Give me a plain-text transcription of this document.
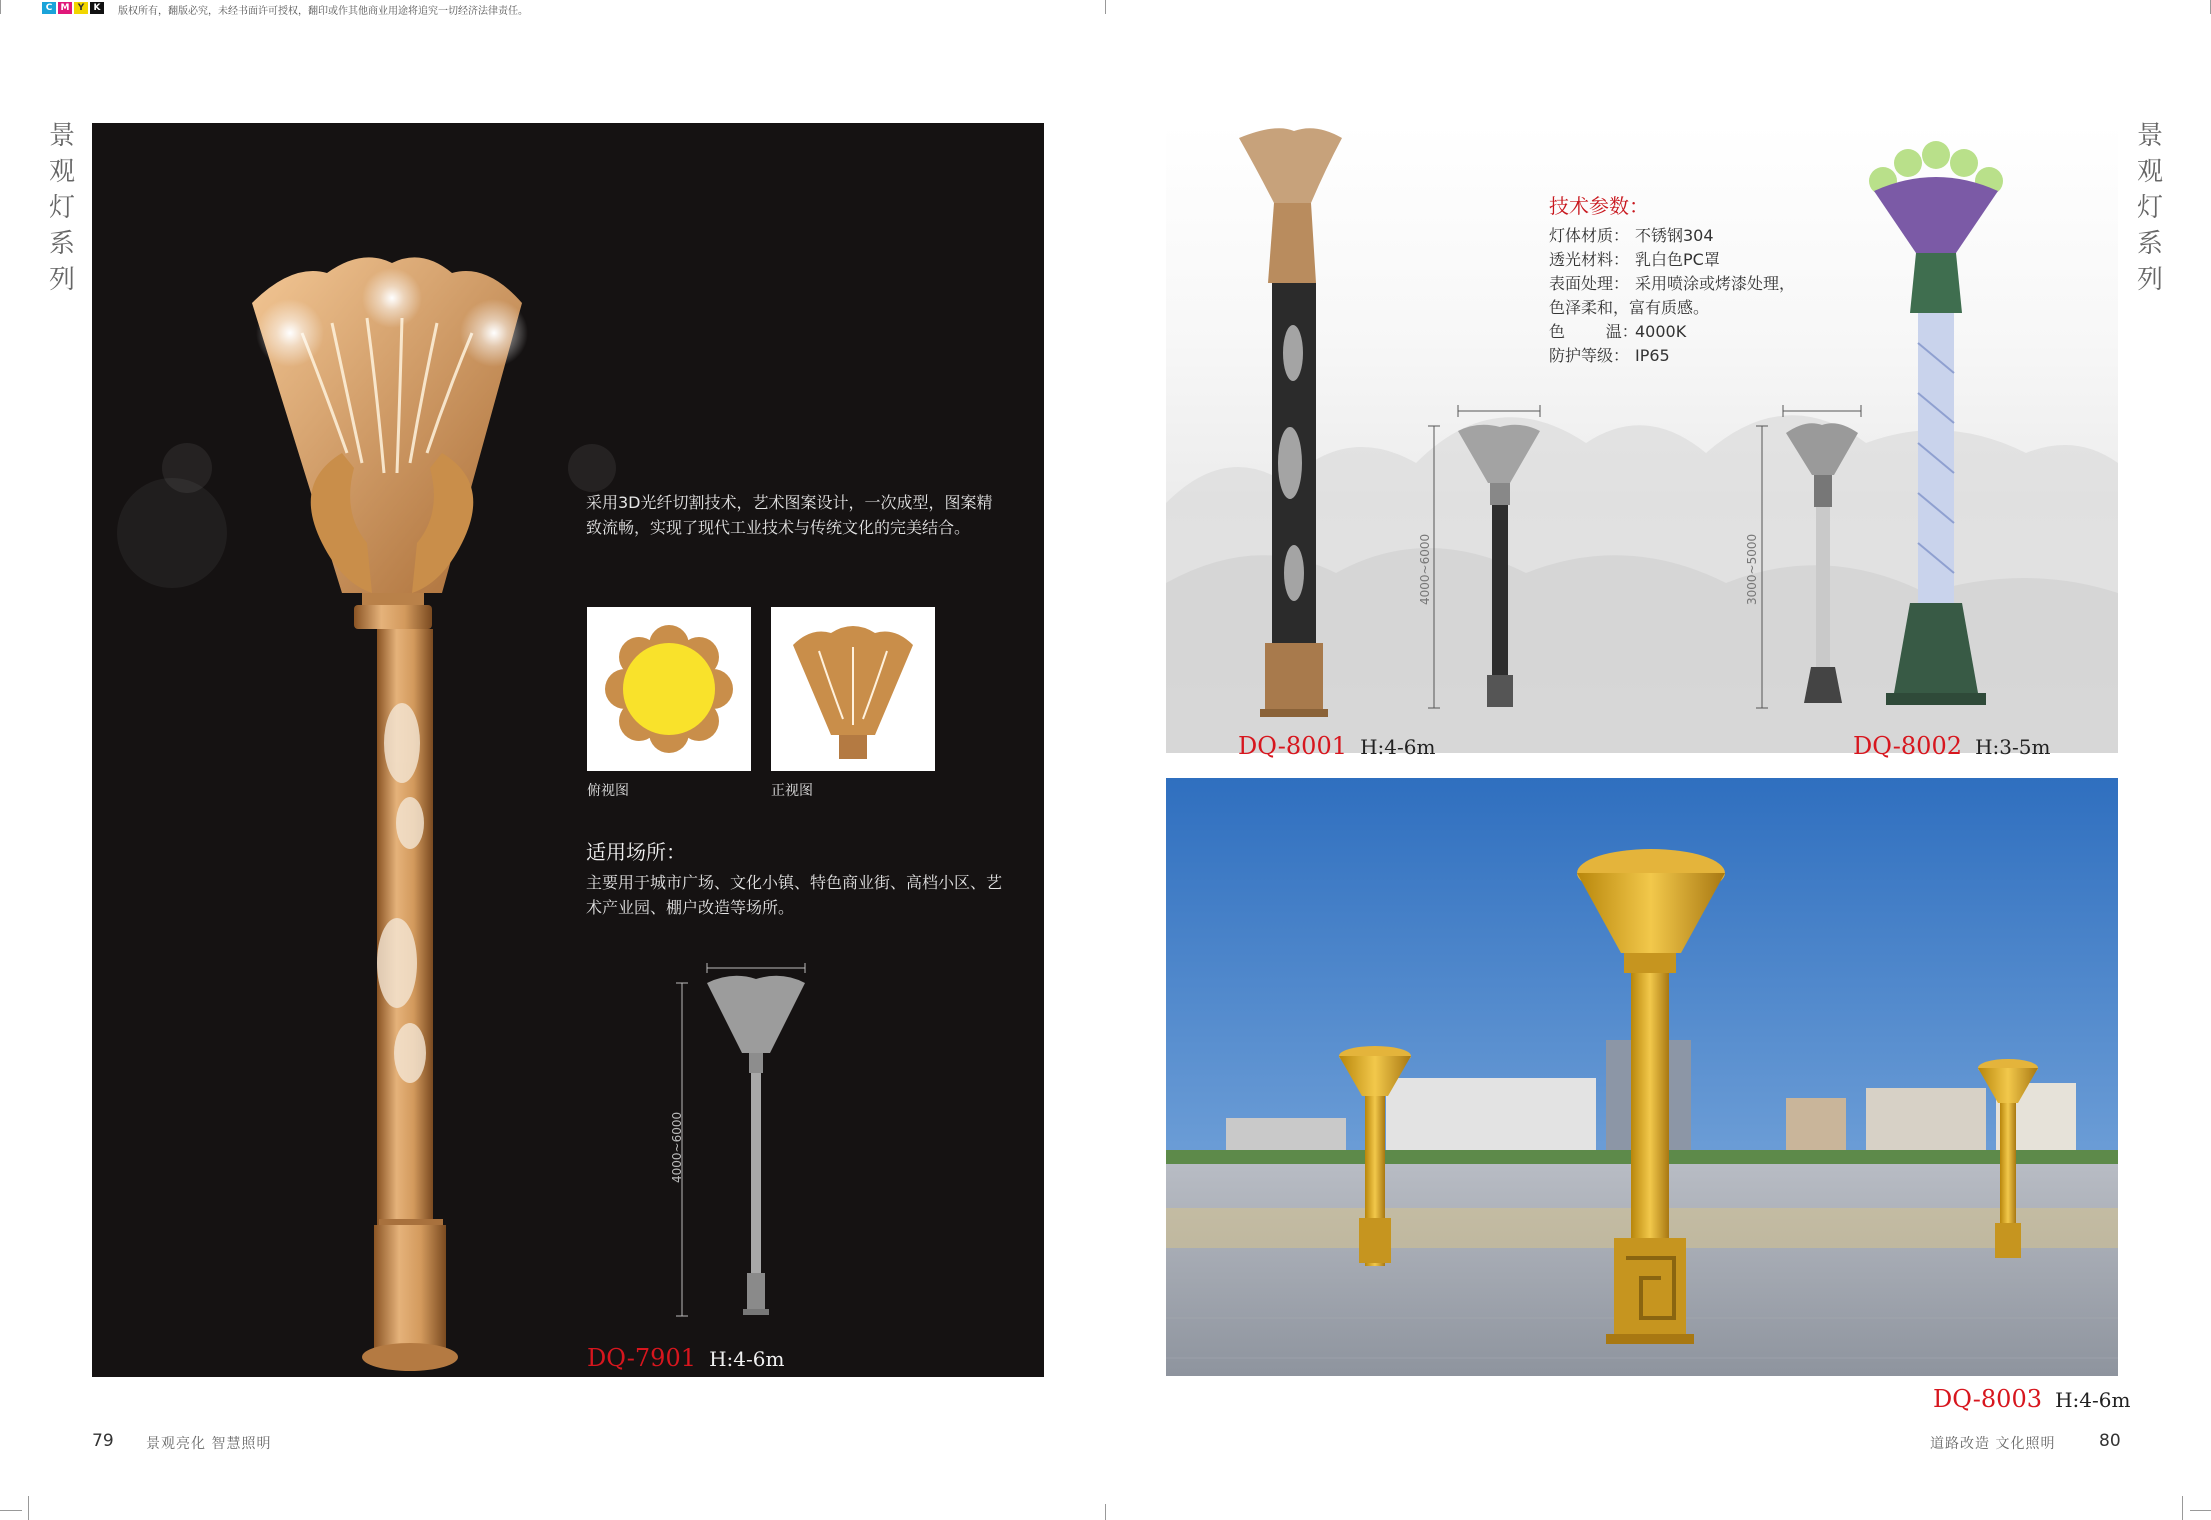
C M Y	K	版权所有，翻版必究，未经书面许可授权，翻印或作其他商业用途将追究一切经济法律责任。
景
观
灯
系
列
景
观
灯
系
列
采用3D光纤切割技术，艺术图案设计，一次成型，图案精致流畅，实现了现代工业技术与传统文化的完美结合。
俯视图	正视图
适用场所：
主要用于城市广场、文化小镇、特色商业街、高档小区、艺术产业园、棚户改造等场所。
4000~6000
DQ-7901 H:4-6m
79 景观亮化 智慧照明
技术参数：
灯体材质： 不锈钢304
透光材料： 乳白色PC罩
表面处理： 采用喷涂或烤漆处理，
色泽柔和，富有质感。
色        温：4000K
防护等级： IP65
4000~6000	3000~5000
DQ-8001 H:4-6m	DQ-8002 H:3-5m
DQ-8003 H:4-6m
道路改造 文化照明	80
